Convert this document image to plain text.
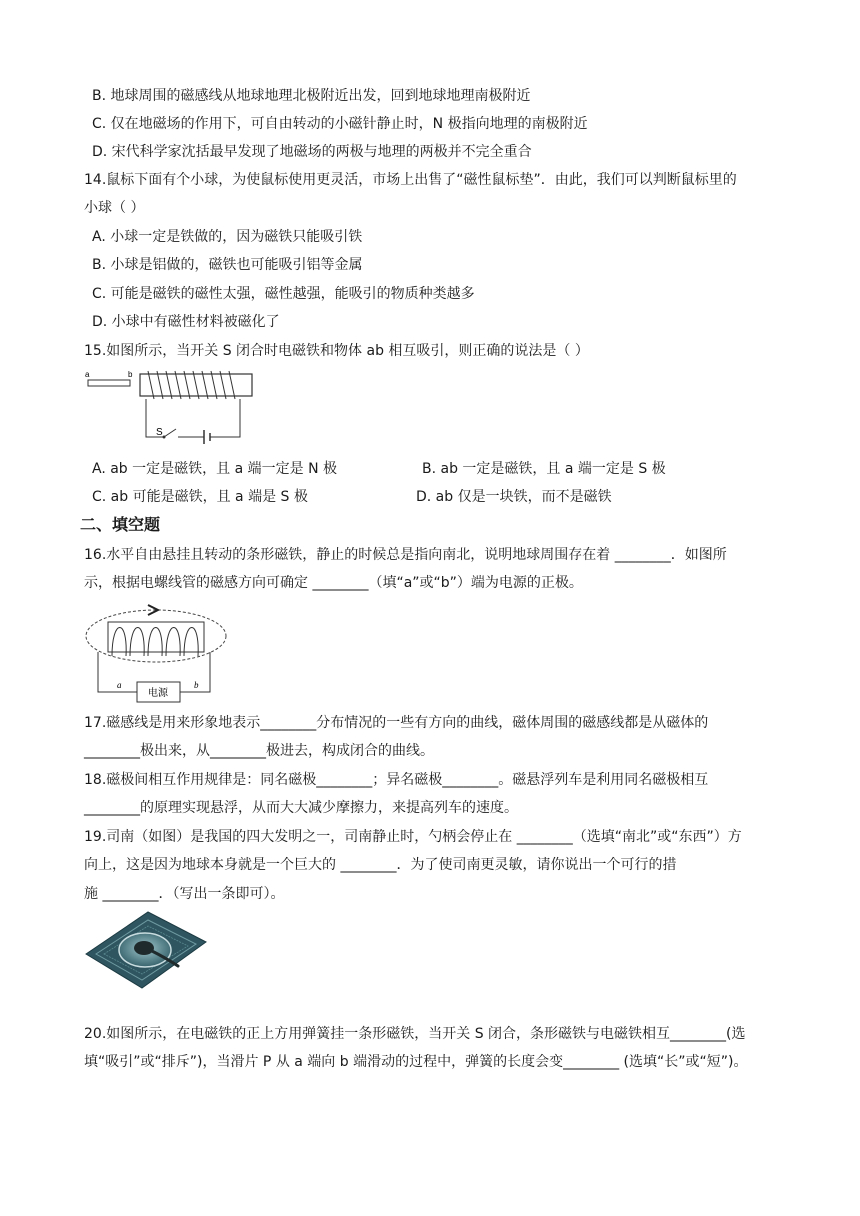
B. 地球周围的磁感线从地球地理北极附近出发，回到地球地理南极附近
C. 仅在地磁场的作用下，可自由转动的小磁针静止时，N 极指向地理的南极附近
D. 宋代科学家沈括最早发现了地磁场的两极与地理的两极并不完全重合
14.鼠标下面有个小球，为使鼠标使用更灵活，市场上出售了“磁性鼠标垫”．由此，我们可以判断鼠标里的
小球（ ）
A. 小球一定是铁做的，因为磁铁只能吸引铁
B. 小球是铝做的，磁铁也可能吸引铝等金属
C. 可能是磁铁的磁性太强，磁性越强，能吸引的物质种类越多
D. 小球中有磁性材料被磁化了
15.如图所示，当开关 S 闭合时电磁铁和物体 ab 相互吸引，则正确的说法是（ ）
a	b
S
A. ab 一定是磁铁，且 a 端一定是 N 极	B. ab 一定是磁铁，且 a 端一定是 S 极
C. ab 可能是磁铁，且 a 端是 S 极	D. ab 仅是一块铁，而不是磁铁
二、填空题
16.水平自由悬挂且转动的条形磁铁，静止的时候总是指向南北，说明地球周围存在着 ________．如图所
示，根据电螺线管的磁感方向可确定 ________（填“a”或“b”）端为电源的正极。
a	b
电源
17.磁感线是用来形象地表示________分布情况的一些有方向的曲线，磁体周围的磁感线都是从磁体的
________极出来，从________极进去，构成闭合的曲线。
18.磁极间相互作用规律是：同名磁极________；异名磁极________。磁悬浮列车是利用同名磁极相互
________的原理实现悬浮，从而大大减少摩擦力，来提高列车的速度。
19.司南（如图）是我国的四大发明之一，司南静止时，勺柄会停止在 ________（选填“南北”或“东西”）方
向上，这是因为地球本身就是一个巨大的 ________．为了使司南更灵敏，请你说出一个可行的措
施 ________．（写出一条即可）。
20.如图所示，在电磁铁的正上方用弹簧挂一条形磁铁，当开关 S 闭合，条形磁铁与电磁铁相互________(选
填“吸引”或“排斥”)，当滑片 P 从 a 端向 b 端滑动的过程中，弹簧的长度会变________ (选填“长”或“短”)。
